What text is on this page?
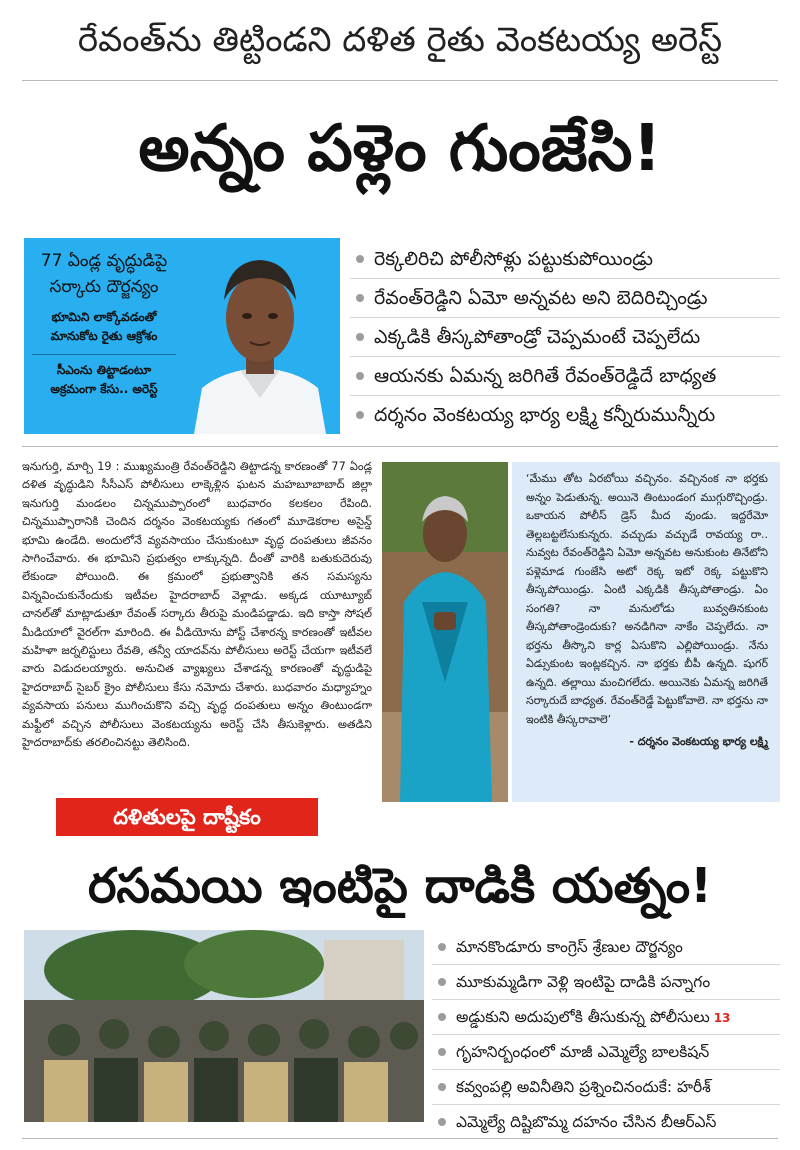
రేవంత్‌ను తిట్టిండని దళిత రైతు వెంకటయ్య అరెస్ట్
అన్నం పళ్లెం గుంజేసి!
77 ఏండ్ల వృద్ధుడిపై సర్కారు దౌర్జన్యం
భూమిని లాక్కోవడంతో మానుకోట రైతు ఆక్రోశం
సీఎంను తిట్టాడంటూ అక్రమంగా కేసు.. అరెస్ట్
రెక్కలిరిచి పోలీసోళ్లు పట్టుకుపోయిండ్రు
రేవంత్‌రెడ్డిని ఏమో అన్నవట అని బెదిరిచ్చిండ్రు
ఎక్కడికి తీస్కపోతాండ్రో చెప్పమంటే చెప్పలేదు
ఆయనకు ఏమన్న జరిగితే రేవంత్‌రెడ్డిదే బాధ్యత
దర్శనం వెంకటయ్య భార్య లక్ష్మి కన్నీరుమున్నీరు
ఇనుగుర్తి, మార్చి 19 : ముఖ్యమంత్రి రేవంత్‌రెడ్డిని తిట్టాడన్న కారణంతో 77 ఏండ్ల దళిత వృద్ధుడిని సీసీఎస్ పోలీసులు లాక్కెళ్లిన ఘటన మహబూబాబాద్ జిల్లా ఇనుగుర్తి మండలం చిన్నముప్పారంలో బుధవారం కలకలం రేపింది. చిన్నముప్పారానికి చెందిన దర్శనం వెంకటయ్యకు గతంలో మూడెకరాల అసైన్డ్ భూమి ఉండేది. అందులోనే వ్యవసాయం చేసుకుంటూ వృద్ధ దంపతులు జీవనం సాగించేవారు. ఈ భూమిని ప్రభుత్వం లాక్కున్నది. దీంతో వారికి బతుకుదెరువు లేకుండా పోయింది. ఈ క్రమంలో ప్రభుత్వానికి తన సమస్యను విన్నవించుకునేందుకు ఇటీవల హైదరాబాద్ వెళ్లాడు. అక్కడ యూట్యూబ్ చానల్‌తో మాట్లాడుతూ రేవంత్ సర్కారు తీరుపై మండిపడ్డాడు. ఇది కాస్తా సోషల్ మీడియాలో వైరల్‌గా మారింది. ఈ వీడియోను పోస్ట్ చేశారన్న కారణంతో ఇటీవల మహిళా జర్నలిస్టులు రేవతి, తన్వీ యాదవ్‌ను పోలీసులు అరెస్ట్ చేయగా ఇటీవలే వారు విడుదలయ్యారు. అనుచిత వ్యాఖ్యలు చేశాడన్న కారణంతో వృద్ధుడిపై హైదరాబాద్ సైబర్ క్రైం పోలీసులు కేసు నమోదు చేశారు. బుధవారం మధ్యాహ్నం వ్యవసాయ పనులు ముగించుకొని వచ్చి వృద్ధ దంపతులు అన్నం తింటుండగా మఫ్టీలో వచ్చిన పోలీసులు వెంకటయ్యను అరెస్ట్ చేసి తీసుకెళ్లారు. అతడిని హైదరాబాద్‌కు తరలించినట్టు తెలిసింది.
‘మేము తోట ఏరబోయి వచ్చినం. వచ్చినంక నా భర్తకు అన్నం పెడుతున్న. అయినె తింటుండంగ ముగ్గురొచ్చిండ్రు. ఒకాయన పోలీస్ డ్రెస్ మీద వుండు. ఇద్దరేమో తెల్లబట్టలేసుకున్నరు. వచ్చుడు వచ్చుడే రావయ్య రా.. నువ్వట రేవంత్‌రెడ్డిని ఏమో అన్నవట అనుకుంట తినేటోని పళ్లెమాడ గుంజేసి అటో రెక్క ఇటో రెక్క పట్టుకొని తీస్కపోయిండ్రు. ఏంటి ఎక్కడికి తీస్కపోతాండ్రు. ఏం సంగతి? నా మనులోడు బువ్వతినకుంట తీస్కపోతాండ్రెందుకు? అనడిగినా నాకేం చెప్పలేదు. నా భర్తను తీస్కొని కార్ల ఏసుకొని ఎల్లిపోయిండ్రు. నేను ఏడ్సుకుంట ఇంట్లకచ్చిన. నా భర్తకు బీపీ ఉన్నది. షుగర్ ఉన్నది. తల్లాయి మంచిగలేదు. అయినెకు ఏమన్న జరిగితే సర్కారుదే బాధ్యత. రేవంత్‌రెడ్డే పెట్టుకోవాలె. నా భర్తను నా ఇంటికి తీస్కరావాలె’
- దర్శనం వెంకటయ్య భార్య లక్ష్మి
దళితులపై దాష్టీకం
రసమయి ఇంటిపై దాడికి యత్నం!
మానకొండూరు కాంగ్రెస్ శ్రేణుల దౌర్జన్యం
మూకుమ్మడిగా వెళ్లి ఇంటిపై దాడికి పన్నాగం
అడ్డుకుని అదుపులోకి తీసుకున్న పోలీసులు 13
గృహనిర్బంధంలో మాజీ ఎమ్మెల్యే బాలకిషన్
కవ్వంపల్లి అవినీతిని ప్రశ్నించినందుకే: హరీశ్
ఎమ్మెల్యే దిష్టిబొమ్మ దహనం చేసిన బీఆర్ఎస్
